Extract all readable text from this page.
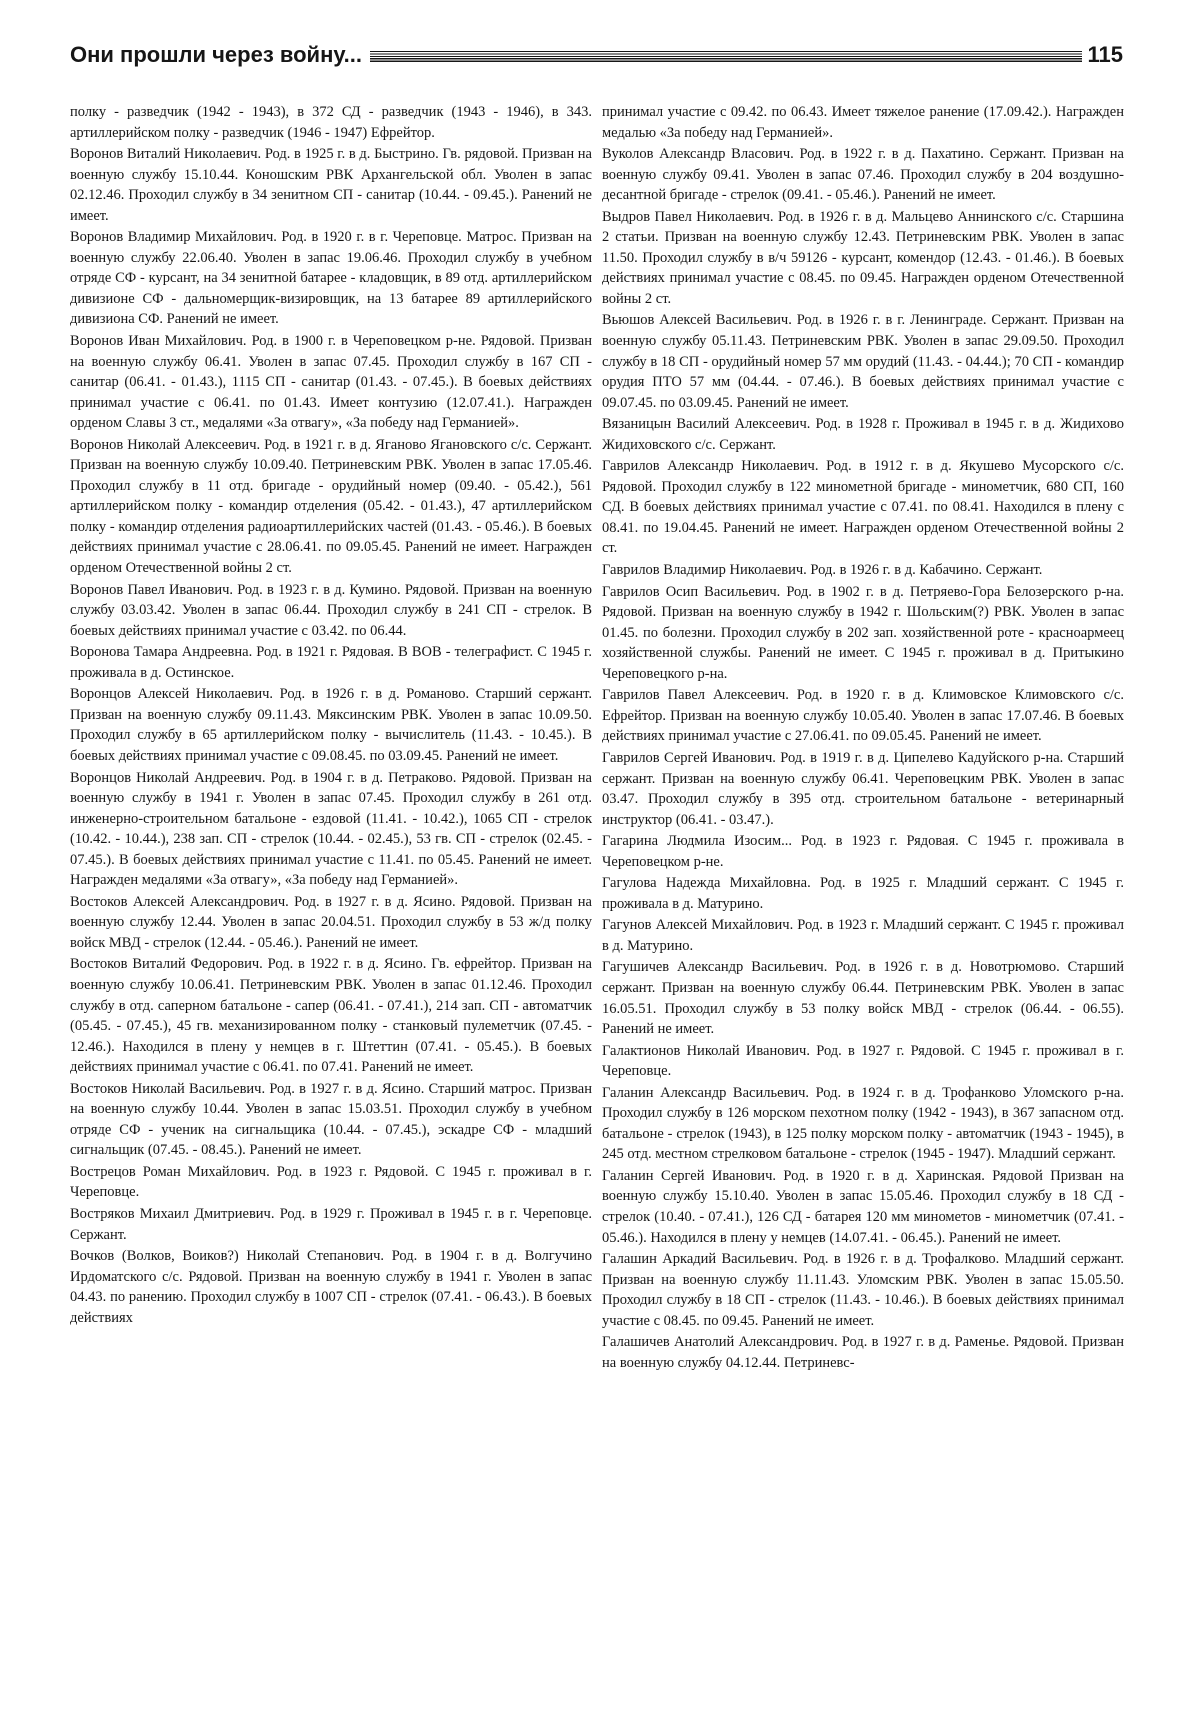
Они прошли через войну...	115

полку - разведчик (1942 - 1943), в 372 СД - разведчик (1943 - 1946), в 343. артиллерийском полку - разведчик (1946 - 1947) Ефрейтор.

Воронов Виталий Николаевич. Род. в 1925 г. в д. Быстрино. Гв. рядовой. Призван на военную службу 15.10.44. Коношским РВК Архангельской обл. Уволен в запас 02.12.46. Проходил службу в 34 зенитном СП - санитар (10.44. - 09.45.). Ранений не имеет.

Воронов Владимир Михайлович. Род. в 1920 г. в г. Череповце. Матрос. Призван на военную службу 22.06.40. Уволен в запас 19.06.46. Проходил службу в учебном отряде СФ - курсант, на 34 зенитной батарее - кладовщик, в 89 отд. артиллерийском дивизионе СФ - дальномерщик-визировщик, на 13 батарее 89 артиллерийского дивизиона СФ. Ранений не имеет.

Воронов Иван Михайлович. Род. в 1900 г. в Череповецком р-не. Рядовой. Призван на военную службу 06.41. Уволен в запас 07.45. Проходил службу в 167 СП - санитар (06.41. - 01.43.), 1115 СП - санитар (01.43. - 07.45.). В боевых действиях принимал участие с 06.41. по 01.43. Имеет контузию (12.07.41.). Награжден орденом Славы 3 ст., медалями «За отвагу», «За победу над Германией».

Воронов Николай Алексеевич. Род. в 1921 г. в д. Яганово Ягановского с/с. Сержант. Призван на военную службу 10.09.40. Петриневским РВК. Уволен в запас 17.05.46. Проходил службу в 11 отд. бригаде - орудийный номер (09.40. - 05.42.), 561 артиллерийском полку - командир отделения (05.42. - 01.43.), 47 артиллерийском полку - командир отделения радиоартиллерийских частей (01.43. - 05.46.). В боевых действиях принимал участие с 28.06.41. по 09.05.45. Ранений не имеет. Награжден орденом Отечественной войны 2 ст.

Воронов Павел Иванович. Род. в 1923 г. в д. Кумино. Рядовой. Призван на военную службу 03.03.42. Уволен в запас 06.44. Проходил службу в 241 СП - стрелок. В боевых действиях принимал участие с 03.42. по 06.44.

Воронова Тамара Андреевна. Род. в 1921 г. Рядовая. В ВОВ - телеграфист. С 1945 г. проживала в д. Остинское.

Воронцов Алексей Николаевич. Род. в 1926 г. в д. Романово. Старший сержант. Призван на военную службу 09.11.43. Мяксинским РВК. Уволен в запас 10.09.50. Проходил службу в 65 артиллерийском полку - вычислитель (11.43. - 10.45.). В боевых действиях принимал участие с 09.08.45. по 03.09.45. Ранений не имеет.

Воронцов Николай Андреевич. Род. в 1904 г. в д. Петраково. Рядовой. Призван на военную службу в 1941 г. Уволен в запас 07.45. Проходил службу в 261 отд. инженерно-строительном батальоне - ездовой (11.41. - 10.42.), 1065 СП - стрелок (10.42. - 10.44.), 238 зап. СП - стрелок (10.44. - 02.45.), 53 гв. СП - стрелок (02.45. - 07.45.). В боевых действиях принимал участие с 11.41. по 05.45. Ранений не имеет. Награжден медалями «За отвагу», «За победу над Германией».

Востоков Алексей Александрович. Род. в 1927 г. в д. Ясино. Рядовой. Призван на военную службу 12.44. Уволен в запас 20.04.51. Проходил службу в 53 ж/д полку войск МВД - стрелок (12.44. - 05.46.). Ранений не имеет.

Востоков Виталий Федорович. Род. в 1922 г. в д. Ясино. Гв. ефрейтор. Призван на военную службу 10.06.41. Петриневским РВК. Уволен в запас 01.12.46. Проходил службу в отд. саперном батальоне - сапер (06.41. - 07.41.), 214 зап. СП - автоматчик (05.45. - 07.45.), 45 гв. механизированном полку - станковый пулеметчик (07.45. - 12.46.). Находился в плену у немцев в г. Штеттин (07.41. - 05.45.). В боевых действиях принимал участие с 06.41. по 07.41. Ранений не имеет.

Востоков Николай Васильевич. Род. в 1927 г. в д. Ясино. Старший матрос. Призван на военную службу 10.44. Уволен в запас 15.03.51. Проходил службу в учебном отряде СФ - ученик на сигнальщика (10.44. - 07.45.), эскадре СФ - младший сигнальщик (07.45. - 08.45.). Ранений не имеет.

Вострецов Роман Михайлович. Род. в 1923 г. Рядовой. С 1945 г. проживал в г. Череповце.

Востряков Михаил Дмитриевич. Род. в 1929 г. Проживал в 1945 г. в г. Череповце. Сержант.

Вочков (Волков, Воиков?) Николай Степанович. Род. в 1904 г. в д. Волгучино Ирдоматского с/с. Рядовой. Призван на военную службу в 1941 г. Уволен в запас 04.43. по ранению. Проходил службу в 1007 СП - стрелок (07.41. - 06.43.). В боевых действиях

принимал участие с 09.42. по 06.43. Имеет тяжелое ранение (17.09.42.). Награжден медалью «За победу над Германией».

Вуколов Александр Власович. Род. в 1922 г. в д. Пахатино. Сержант. Призван на военную службу 09.41. Уволен в запас 07.46. Проходил службу в 204 воздушно-десантной бригаде - стрелок (09.41. - 05.46.). Ранений не имеет.

Выдров Павел Николаевич. Род. в 1926 г. в д. Мальцево Аннинского с/с. Старшина 2 статьи. Призван на военную службу 12.43. Петриневским РВК. Уволен в запас 11.50. Проходил службу в в/ч 59126 - курсант, комендор (12.43. - 01.46.). В боевых действиях принимал участие с 08.45. по 09.45. Награжден орденом Отечественной войны 2 ст.

Вьюшов Алексей Васильевич. Род. в 1926 г. в г. Ленинграде. Сержант. Призван на военную службу 05.11.43. Петриневским РВК. Уволен в запас 29.09.50. Проходил службу в 18 СП - орудийный номер 57 мм орудий (11.43. - 04.44.); 70 СП - командир орудия ПТО 57 мм (04.44. - 07.46.). В боевых действиях принимал участие с 09.07.45. по 03.09.45. Ранений не имеет.

Вязаницын Василий Алексеевич. Род. в 1928 г. Проживал в 1945 г. в д. Жидихово Жидиховского с/с. Сержант.

Гаврилов Александр Николаевич. Род. в 1912 г. в д. Якушево Мусорского с/с. Рядовой. Проходил службу в 122 минометной бригаде - минометчик, 680 СП, 160 СД. В боевых действиях принимал участие с 07.41. по 08.41. Находился в плену с 08.41. по 19.04.45. Ранений не имеет. Награжден орденом Отечественной войны 2 ст.

Гаврилов Владимир Николаевич. Род. в 1926 г. в д. Кабачино. Сержант.

Гаврилов Осип Васильевич. Род. в 1902 г. в д. Петряево-Гора Белозерского р-на. Рядовой. Призван на военную службу в 1942 г. Шольским(?) РВК. Уволен в запас 01.45. по болезни. Проходил службу в 202 зап. хозяйственной роте - красноармеец хозяйственной службы. Ранений не имеет. С 1945 г. проживал в д. Притыкино Череповецкого р-на.

Гаврилов Павел Алексеевич. Род. в 1920 г. в д. Климовское Климовского с/с. Ефрейтор. Призван на военную службу 10.05.40. Уволен в запас 17.07.46. В боевых действиях принимал участие с 27.06.41. по 09.05.45. Ранений не имеет.

Гаврилов Сергей Иванович. Род. в 1919 г. в д. Ципелево Кадуйского р-на. Старший сержант. Призван на военную службу 06.41. Череповецким РВК. Уволен в запас 03.47. Проходил службу в 395 отд. строительном батальоне - ветеринарный инструктор (06.41. - 03.47.).

Гагарина Людмила Изосим... Род. в 1923 г. Рядовая. С 1945 г. проживала в Череповецком р-не.

Гагулова Надежда Михайловна. Род. в 1925 г. Младший сержант. С 1945 г. проживала в д. Матурино.

Гагунов Алексей Михайлович. Род. в 1923 г. Младший сержант. С 1945 г. проживал в д. Матурино.

Гагушичев Александр Васильевич. Род. в 1926 г. в д. Новотрюмово. Старший сержант. Призван на военную службу 06.44. Петриневским РВК. Уволен в запас 16.05.51. Проходил службу в 53 полку войск МВД - стрелок (06.44. - 06.55). Ранений не имеет.

Галактионов Николай Иванович. Род. в 1927 г. Рядовой. С 1945 г. проживал в г. Череповце.

Галанин Александр Васильевич. Род. в 1924 г. в д. Трофанково Уломского р-на. Проходил службу в 126 морском пехотном полку (1942 - 1943), в 367 запасном отд. батальоне - стрелок (1943), в 125 полку морском полку - автоматчик (1943 - 1945), в 245 отд. местном стрелковом батальоне - стрелок (1945 - 1947). Младший сержант.

Галанин Сергей Иванович. Род. в 1920 г. в д. Харинская. Рядовой Призван на военную службу 15.10.40. Уволен в запас 15.05.46. Проходил службу в 18 СД - стрелок (10.40. - 07.41.), 126 СД - батарея 120 мм минометов - минометчик (07.41. - 05.46.). Находился в плену у немцев (14.07.41. - 06.45.). Ранений не имеет.

Галашин Аркадий Васильевич. Род. в 1926 г. в д. Трофалково. Младший сержант. Призван на военную службу 11.11.43. Уломским РВК. Уволен в запас 15.05.50. Проходил службу в 18 СП - стрелок (11.43. - 10.46.). В боевых действиях принимал участие с 08.45. по 09.45. Ранений не имеет.

Галашичев Анатолий Александрович. Род. в 1927 г. в д. Раменье. Рядовой. Призван на военную службу 04.12.44. Петриневс-
